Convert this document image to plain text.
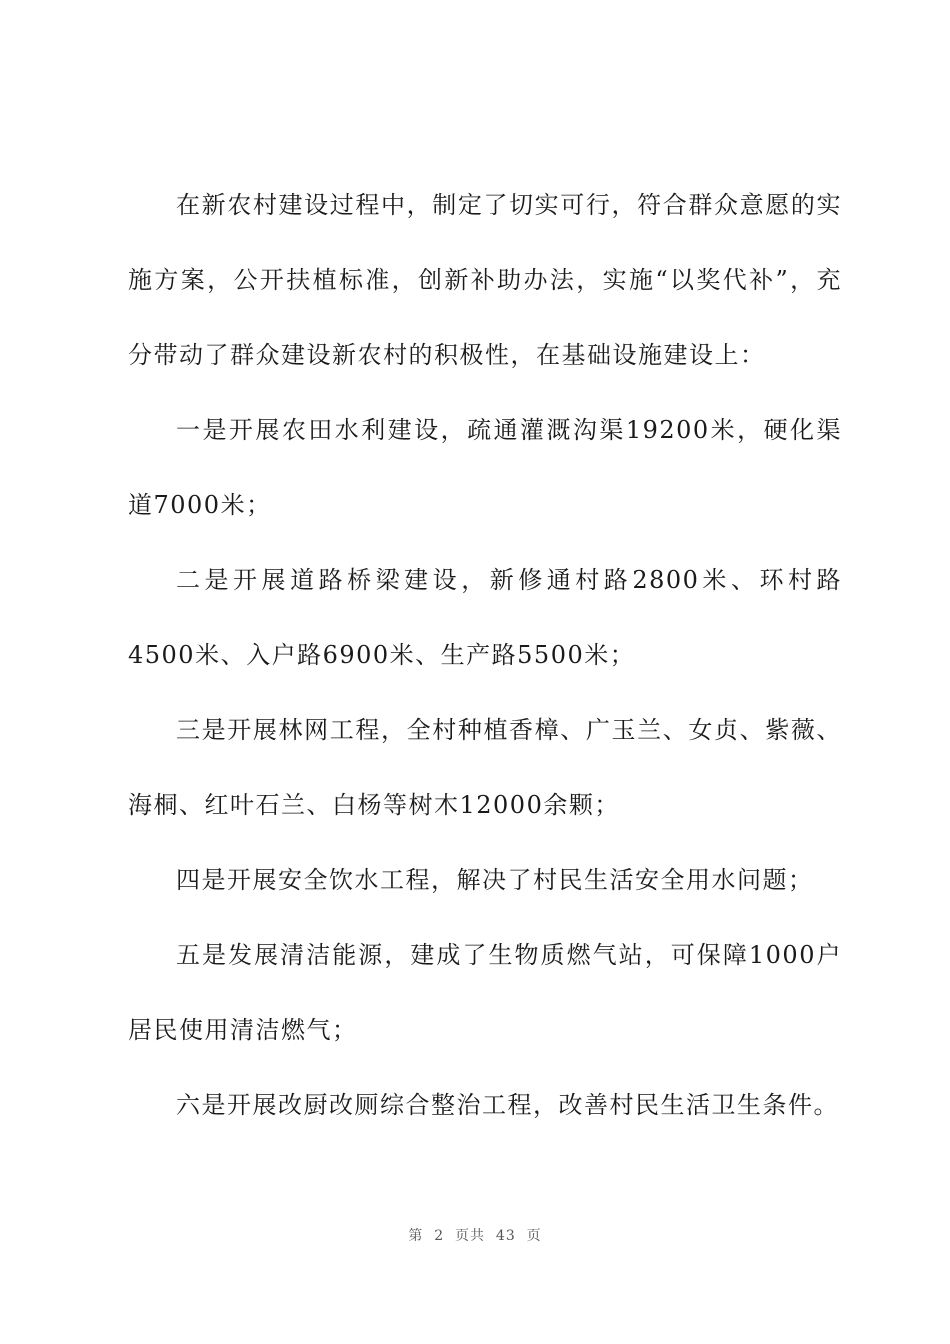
在新农村建设过程中，制定了切实可行，符合群众意愿的实施方案，公开扶植标准，创新补助办法，实施“以奖代补”，充分带动了群众建设新农村的积极性，在基础设施建设上：

一是开展农田水利建设，疏通灌溉沟渠19200米，硬化渠道7000米；

二是开展道路桥梁建设，新修通村路2800米、环村路4500米、入户路6900米、生产路5500米；

三是开展林网工程，全村种植香樟、广玉兰、女贞、紫薇、海桐、红叶石兰、白杨等树木12000余颗；

四是开展安全饮水工程，解决了村民生活安全用水问题；

五是发展清洁能源，建成了生物质燃气站，可保障1000户居民使用清洁燃气；

六是开展改厨改厕综合整治工程，改善村民生活卫生条件。

第  2  页共  43  页
